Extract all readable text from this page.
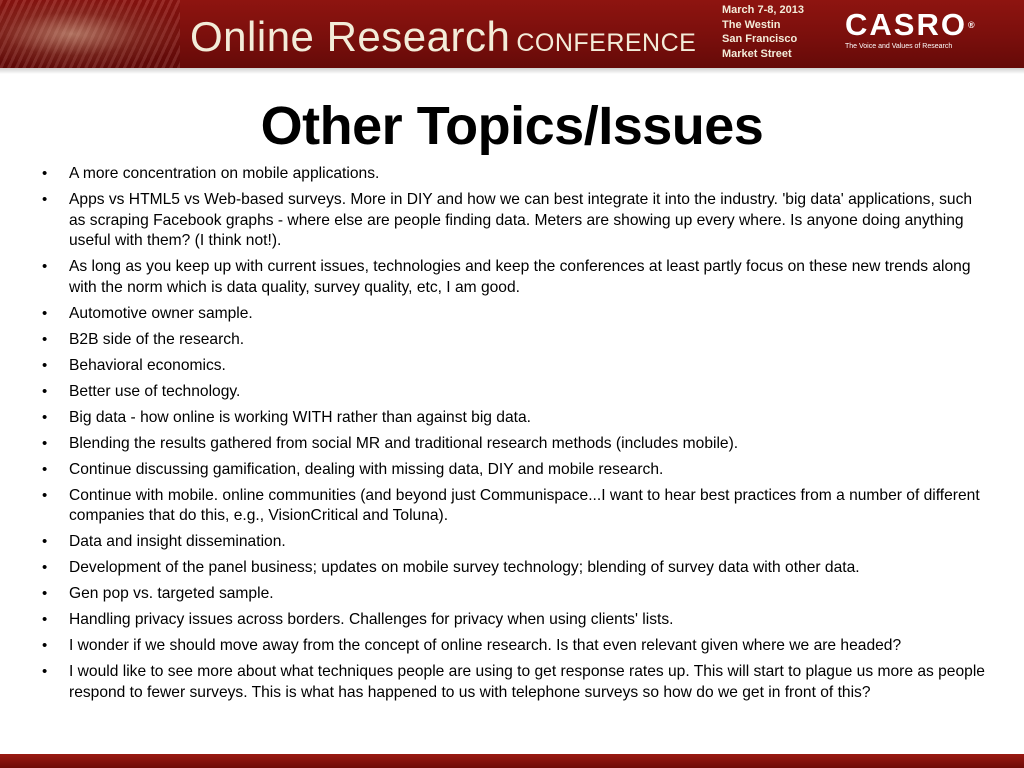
Online Research CONFERENCE
March 7-8, 2013
The Westin
San Francisco
Market Street
CASRO®
The Voice and Values of Research
Other Topics/Issues
• A more concentration on mobile applications.
• Apps vs HTML5 vs Web-based surveys. More in DIY and how we can best integrate it into the industry. 'big data' applications, such as scraping Facebook graphs - where else are people finding data. Meters are showing up every where. Is anyone doing anything useful with them? (I think not!).
• As long as you keep up with current issues, technologies and keep the conferences at least partly focus on these new trends along with the norm which is data quality, survey quality, etc, I am good.
• Automotive owner sample.
• B2B side of the research.
• Behavioral economics.
• Better use of technology.
• Big data - how online is working WITH rather than against big data.
• Blending the results gathered from social MR and traditional research methods (includes mobile).
• Continue discussing gamification, dealing with missing data, DIY and mobile research.
• Continue with mobile. online communities (and beyond just Communispace...I want to hear best practices from a number of different companies that do this, e.g., VisionCritical and Toluna).
• Data and insight dissemination.
• Development of the panel business; updates on mobile survey technology; blending of survey data with other data.
• Gen pop vs. targeted sample.
• Handling privacy issues across borders. Challenges for privacy when using clients' lists.
• I wonder if we should move away from the concept of online research. Is that even relevant given where we are headed?
• I would like to see more about what techniques people are using to get response rates up. This will start to plague us more as people respond to fewer surveys. This is what has happened to us with telephone surveys so how do we get in front of this?
